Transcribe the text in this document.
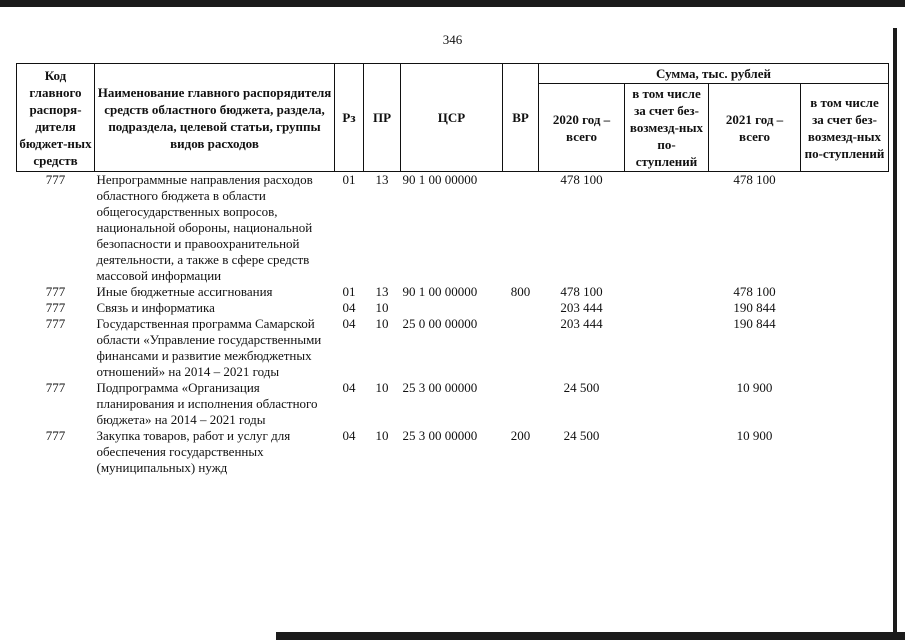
346
Код главного распоря-дителя бюджет-ных средств	Наименование главного распорядителя средств областного бюджета, раздела, подраздела, целевой статьи, группы видов расходов	Рз	ПР	ЦСР	ВР	Сумма, тыс. рублей			
						2020 год – всего	в том числе за счет без-возмезд-ных по-ступлений	2021 год – всего	в том числе за счет без-возмезд-ных по-ступлений
777	Непрограммные направления расходов областного бюджета в области общегосударственных вопросов, национальной обороны, национальной безопасности и правоохранительной деятельности, а также в сфере средств массовой информации	01	13	90 1 00 00000		478 100		478 100	
777	Иные бюджетные ассигнования	01	13	90 1 00 00000	800	478 100		478 100	
777	Связь и информатика	04	10			203 444		190 844	
777	Государственная программа Самарской области «Управление государственными финансами и развитие межбюджетных отношений» на 2014 – 2021 годы	04	10	25 0 00 00000		203 444		190 844	
777	Подпрограмма «Организация планирования и исполнения областного бюджета» на 2014 – 2021 годы	04	10	25 3 00 00000		24 500		10 900	
777	Закупка товаров, работ и услуг для обеспечения государственных (муниципальных) нужд	04	10	25 3 00 00000	200	24 500		10 900	
